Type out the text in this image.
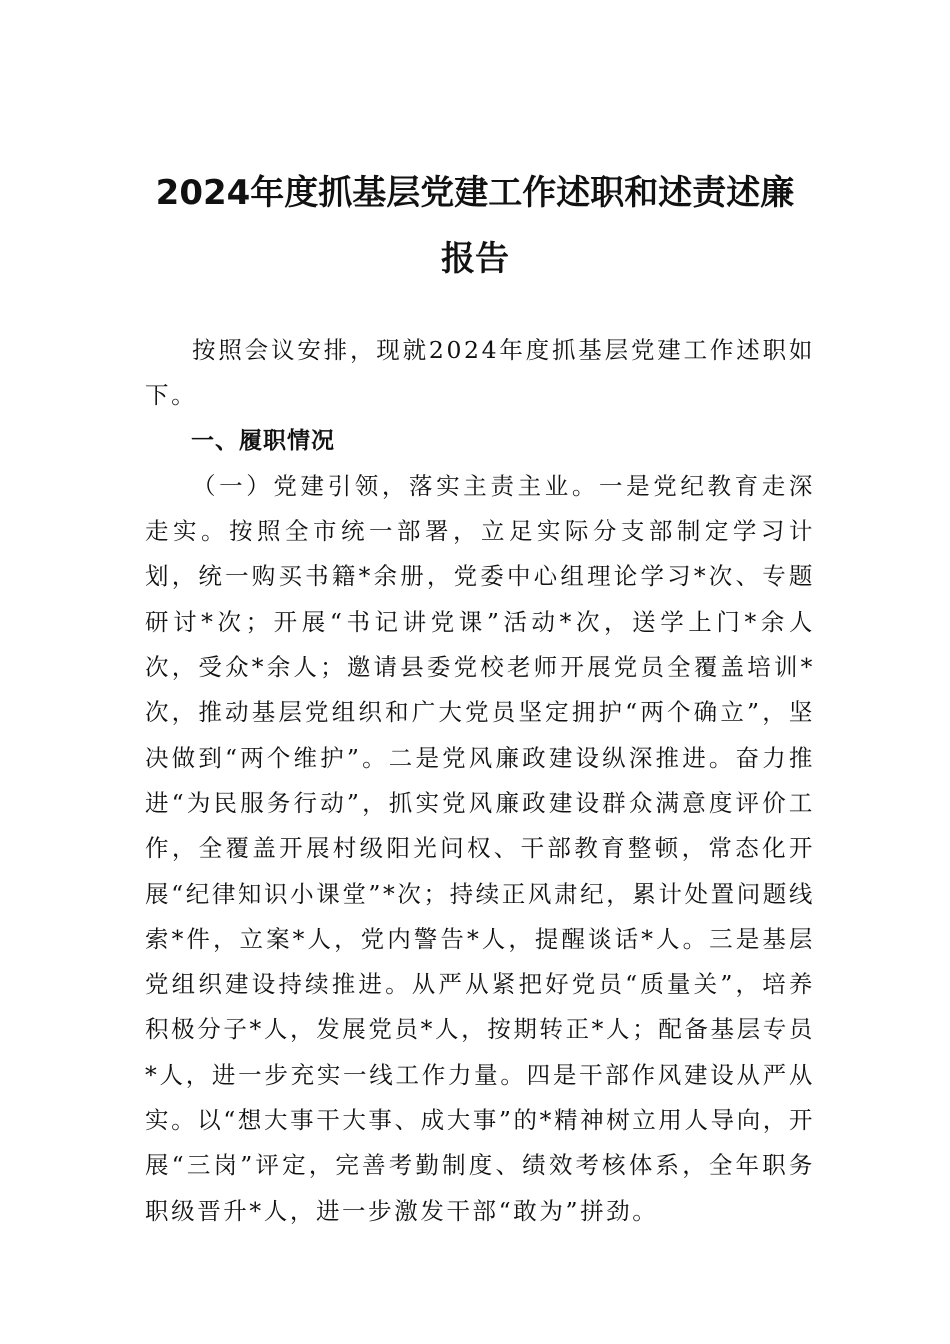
2024年度抓基层党建工作述职和述责述廉
报告

按照会议安排，现就2024年度抓基层党建工作述职如下。

一、履职情况

（一）党建引领，落实主责主业。一是党纪教育走深走实。按照全市统一部署，立足实际分支部制定学习计划，统一购买书籍*余册，党委中心组理论学习*次、专题研讨*次；开展“书记讲党课”活动*次，送学上门*余人次，受众*余人；邀请县委党校老师开展党员全覆盖培训*次，推动基层党组织和广大党员坚定拥护“两个确立”，坚决做到“两个维护”。二是党风廉政建设纵深推进。奋力推进“为民服务行动”，抓实党风廉政建设群众满意度评价工作，全覆盖开展村级阳光问权、干部教育整顿，常态化开展“纪律知识小课堂”*次；持续正风肃纪，累计处置问题线索*件，立案*人，党内警告*人，提醒谈话*人。三是基层党组织建设持续推进。从严从紧把好党员“质量关”，培养积极分子*人，发展党员*人，按期转正*人；配备基层专员*人，进一步充实一线工作力量。四是干部作风建设从严从实。以“想大事干大事、成大事”的*精神树立用人导向，开展“三岗”评定，完善考勤制度、绩效考核体系，全年职务职级晋升*人，进一步激发干部“敢为”拼劲。
